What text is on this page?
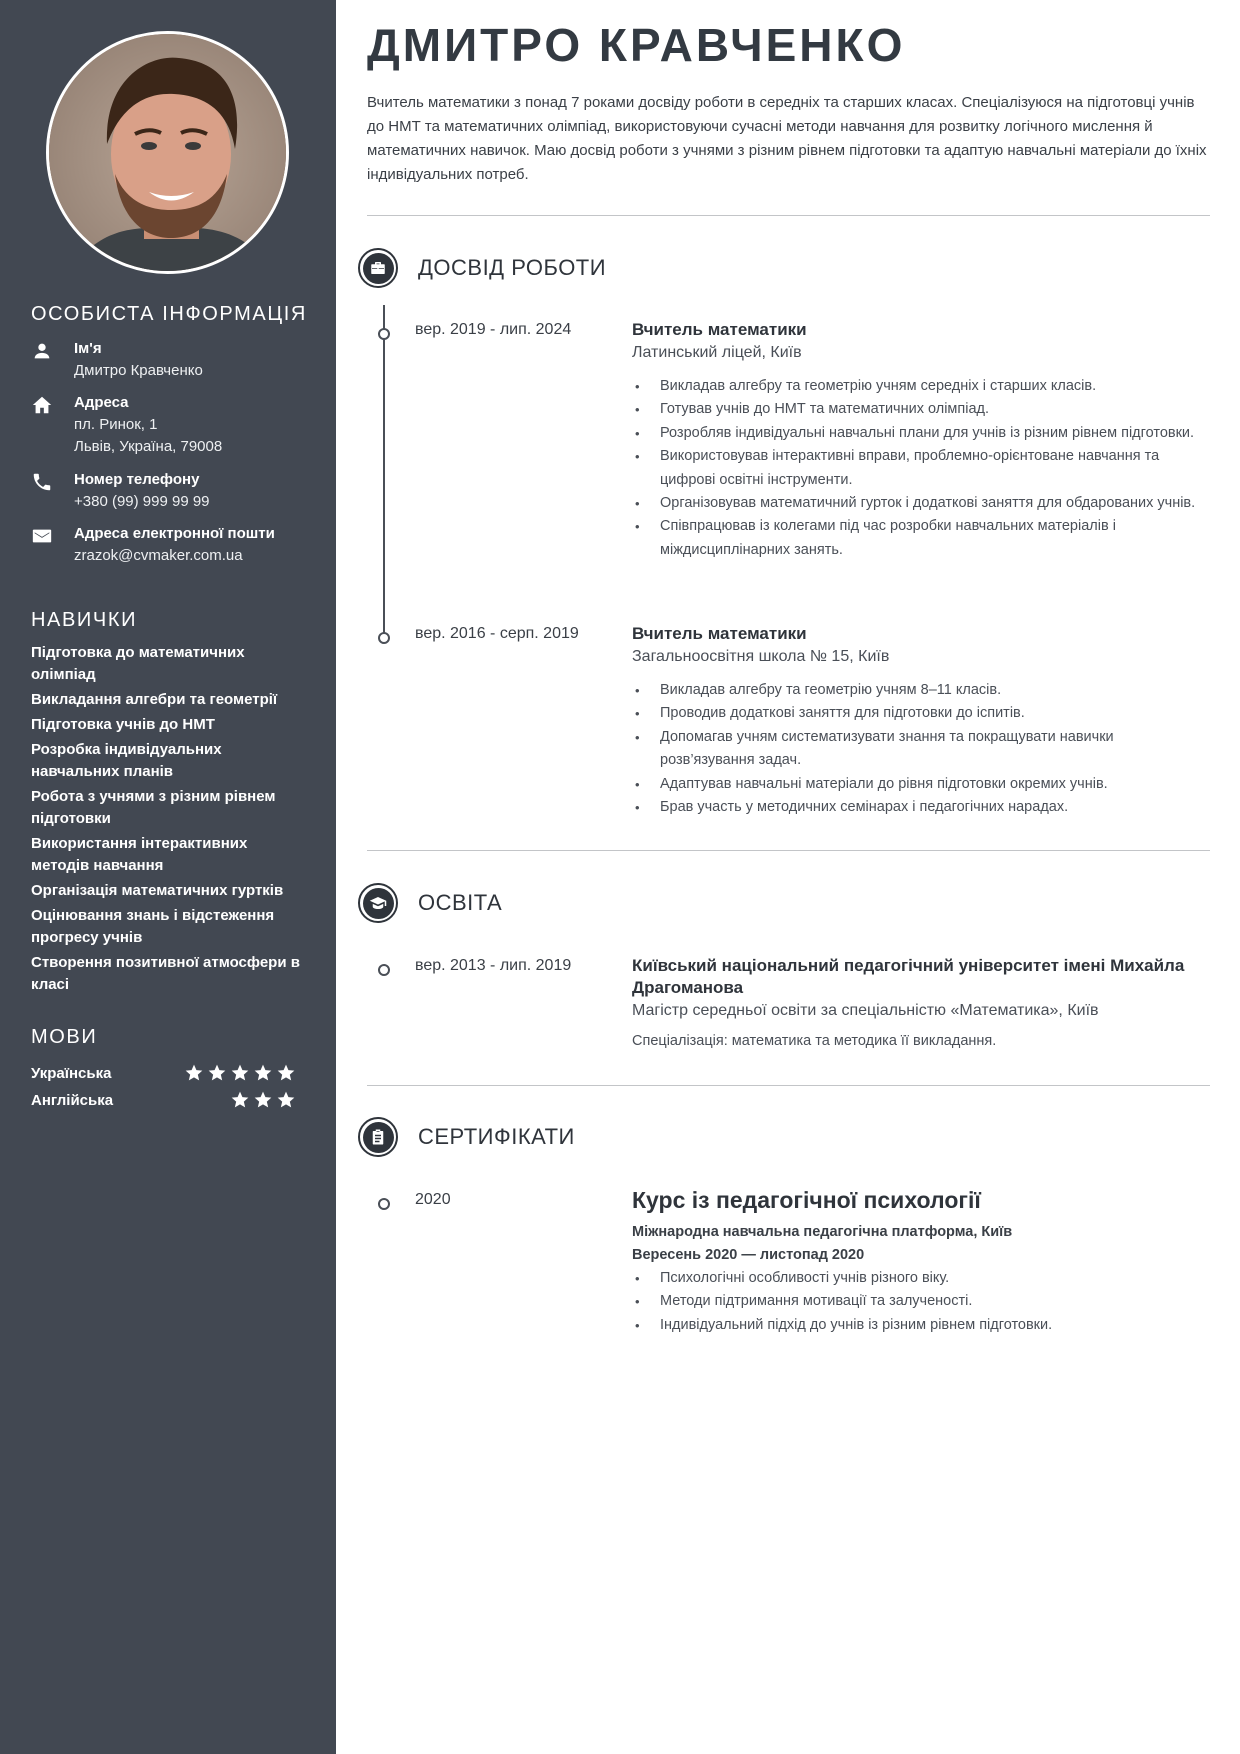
ОСОБИСТА ІНФОРМАЦІЯ
Ім'я
Дмитро Кравченко
Адреса
пл. Ринок, 1
Львів, Україна, 79008
Номер телефону
+380 (99) 999 99 99
Адреса електронної пошти
zrazok@cvmaker.com.ua
НАВИЧКИ
Підготовка до математичних олімпіад
Викладання алгебри та геометрії
Підготовка учнів до НМТ
Розробка індивідуальних навчальних планів
Робота з учнями з різним рівнем підготовки
Використання інтерактивних методів навчання
Організація математичних гуртків
Оцінювання знань і відстеження прогресу учнів
Створення позитивної атмосфери в класі
МОВИ
Українська
Англійська
ДМИТРО КРАВЧЕНКО

Вчитель математики з понад 7 роками досвіду роботи в середніх та старших класах. Спеціалізуюся на підготовці учнів до НМТ та математичних олімпіад, використовуючи сучасні методи навчання для розвитку логічного мислення й математичних навичок. Маю досвід роботи з учнями з різним рівнем підготовки та адаптую навчальні матеріали до їхніх індивідуальних потреб.

ДОСВІД РОБОТИ
вер. 2019 - лип. 2024	Вчитель математики
Латинський ліцей, Київ
• Викладав алгебру та геометрію учням середніх і старших класів.
• Готував учнів до НМТ та математичних олімпіад.
• Розробляв індивідуальні навчальні плани для учнів із різним рівнем підготовки.
• Використовував інтерактивні вправи, проблемно-орієнтоване навчання та цифрові освітні інструменти.
• Організовував математичний гурток і додаткові заняття для обдарованих учнів.
• Співпрацював із колегами під час розробки навчальних матеріалів і міждисциплінарних занять.
вер. 2016 - серп. 2019	Вчитель математики
Загальноосвітня школа № 15, Київ
• Викладав алгебру та геометрію учням 8–11 класів.
• Проводив додаткові заняття для підготовки до іспитів.
• Допомагав учням систематизувати знання та покращувати навички розв’язування задач.
• Адаптував навчальні матеріали до рівня підготовки окремих учнів.
• Брав участь у методичних семінарах і педагогічних нарадах.
ОСВІТА
вер. 2013 - лип. 2019	Київський національний педагогічний університет імені Михайла Драгоманова
Магістр середньої освіти за спеціальністю «Математика», Київ
Спеціалізація: математика та методика її викладання.
СЕРТИФІКАТИ
2020	Курс із педагогічної психології
Міжнародна навчальна педагогічна платформа, Київ
Вересень 2020 — листопад 2020
• Психологічні особливості учнів різного віку.
• Методи підтримання мотивації та залученості.
• Індивідуальний підхід до учнів із різним рівнем підготовки.
